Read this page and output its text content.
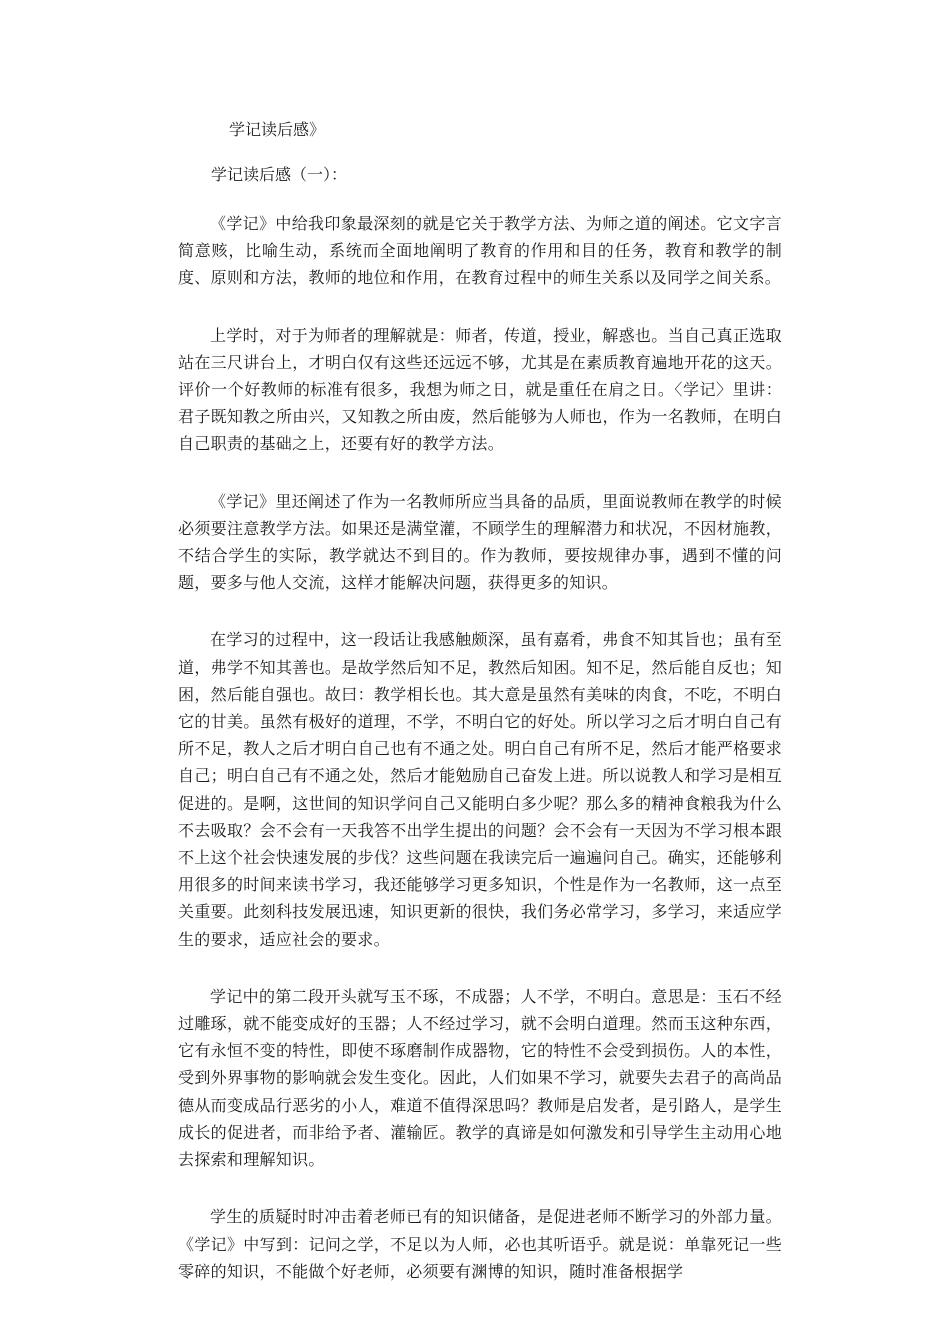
学记读后感》
学记读后感（一）：

《学记》中给我印象最深刻的就是它关于教学方法、为师之道的阐述。它文字言简意赅，比喻生动，系统而全面地阐明了教育的作用和目的任务，教育和教学的制度、原则和方法，教师的地位和作用，在教育过程中的师生关系以及同学之间关系。

上学时，对于为师者的理解就是：师者，传道，授业，解惑也。当自己真正选取站在三尺讲台上，才明白仅有这些还远远不够，尤其是在素质教育遍地开花的这天。评价一个好教师的标准有很多，我想为师之日，就是重任在肩之日。〈学记〉里讲：君子既知教之所由兴，又知教之所由废，然后能够为人师也，作为一名教师，在明白自己职责的基础之上，还要有好的教学方法。

《学记》里还阐述了作为一名教师所应当具备的品质，里面说教师在教学的时候必须要注意教学方法。如果还是满堂灌，不顾学生的理解潜力和状况，不因材施教，不结合学生的实际，教学就达不到目的。作为教师，要按规律办事，遇到不懂的问题，要多与他人交流，这样才能解决问题，获得更多的知识。

在学习的过程中，这一段话让我感触颇深，虽有嘉肴，弗食不知其旨也；虽有至道，弗学不知其善也。是故学然后知不足，教然后知困。知不足，然后能自反也；知困，然后能自强也。故曰：教学相长也。其大意是虽然有美味的肉食，不吃，不明白它的甘美。虽然有极好的道理，不学，不明白它的好处。所以学习之后才明白自己有所不足，教人之后才明白自己也有不通之处。明白自己有所不足，然后才能严格要求自己；明白自己有不通之处，然后才能勉励自己奋发上进。所以说教人和学习是相互促进的。是啊，这世间的知识学问自己又能明白多少呢？那么多的精神食粮我为什么不去吸取？会不会有一天我答不出学生提出的问题？会不会有一天因为不学习根本跟不上这个社会快速发展的步伐？这些问题在我读完后一遍遍问自己。确实，还能够利用很多的时间来读书学习，我还能够学习更多知识，个性是作为一名教师，这一点至关重要。此刻科技发展迅速，知识更新的很快，我们务必常学习，多学习，来适应学生的要求，适应社会的要求。

学记中的第二段开头就写玉不琢，不成器；人不学，不明白。意思是：玉石不经过雕琢，就不能变成好的玉器；人不经过学习，就不会明白道理。然而玉这种东西，它有永恒不变的特性，即使不琢磨制作成器物，它的特性不会受到损伤。人的本性，受到外界事物的影响就会发生变化。因此，人们如果不学习，就要失去君子的高尚品德从而变成品行恶劣的小人，难道不值得深思吗？教师是启发者，是引路人，是学生成长的促进者，而非给予者、灌输匠。教学的真谛是如何激发和引导学生主动用心地去探索和理解知识。

学生的质疑时时冲击着老师已有的知识储备，是促进老师不断学习的外部力量。《学记》中写到：记问之学，不足以为人师，必也其听语乎。就是说：单靠死记一些零碎的知识，不能做个好老师，必须要有渊博的知识，随时准备根据学
